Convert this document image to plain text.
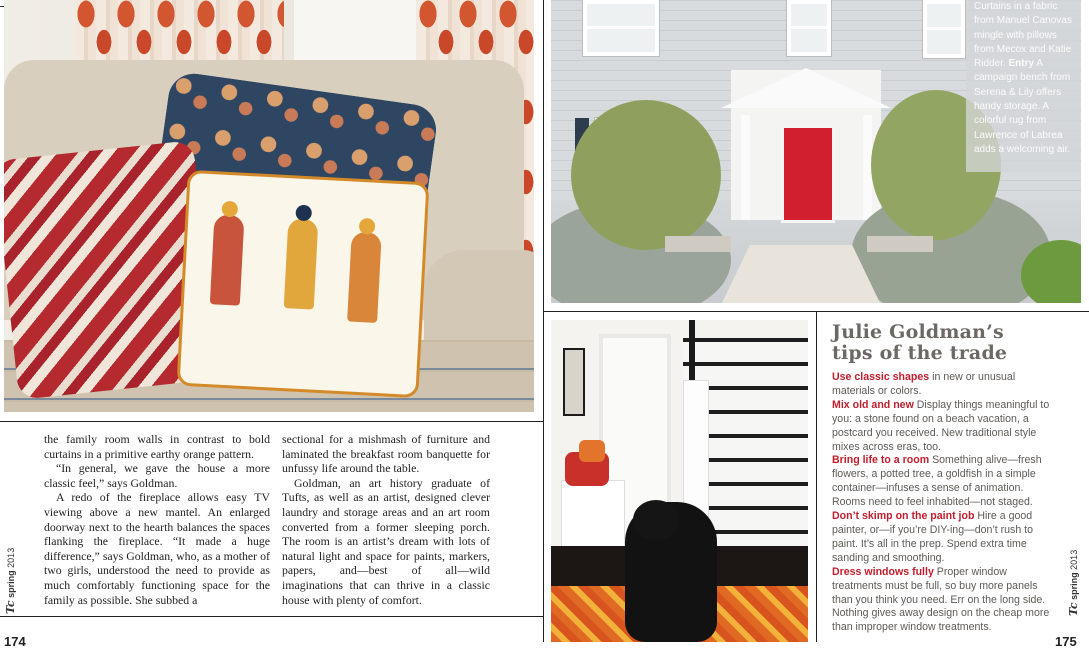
Curtains in a fabric from Manuel Canovas mingle with pillows from Mecox and Katie Ridder. Entry A campaign bench from Serena & Lily offers handy storage. A colorful rug from Lawrence of Labrea adds a welcoming air.

the family room walls in contrast to bold curtains in a primitive earthy orange pattern.

“In general, we gave the house a more classic feel,” says Goldman.

A redo of the fireplace allows easy TV viewing above a new mantel. An enlarged doorway next to the hearth balances the spaces flanking the fireplace. “It made a huge difference,” says Goldman, who, as a mother of two girls, understood the need to provide as much comfortably functioning space for the family as possible. She subbed a

sectional for a mishmash of furniture and laminated the breakfast room banquette for unfussy life around the table.

Goldman, an art history graduate of Tufts, as well as an artist, designed clever laundry and storage areas and an art room converted from a former sleeping porch. The room is an artist’s dream with lots of natural light and space for paints, markers, papers, and—best of all—wild imaginations that can thrive in a classic house with plenty of comfort.

Julie Goldman’s
tips of the trade

Use classic shapes in new or unusual materials or colors.

Mix old and new Display things meaningful to you: a stone found on a beach vacation, a postcard you received. New traditional style mixes across eras, too.

Bring life to a room Something alive—fresh flowers, a potted tree, a goldfish in a simple container—infuses a sense of animation. Rooms need to feel inhabited—not staged.

Don’t skimp on the paint job Hire a good painter, or—if you’re DIY-ing—don’t rush to paint. It’s all in the prep. Spend extra time sanding and smoothing.

Dress windows fully Proper window treatments must be full, so buy more panels than you think you need. Err on the long side. Nothing gives away design on the cheap more than improper window treatments.

Tc spring 2013
Tc spring 2013
174	175
